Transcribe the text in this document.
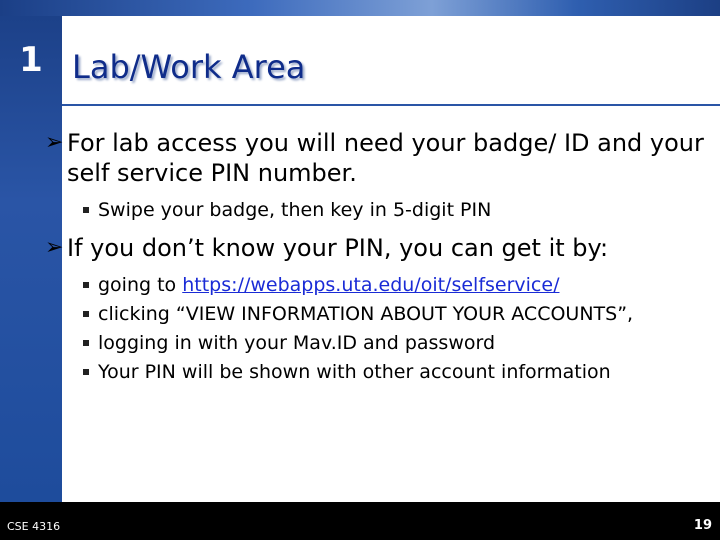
1 Lab/Work Area
➢ For lab access you will need your badge/ ID and your self service PIN number.
Swipe your badge, then key in 5-digit PIN
➢ If you don’t know your PIN, you can get it by:
going to https://webapps.uta.edu/oit/selfservice/
clicking “VIEW INFORMATION ABOUT YOUR ACCOUNTS”,
logging in with your Mav.ID and password
Your PIN will be shown with other account information
CSE 4316	19
